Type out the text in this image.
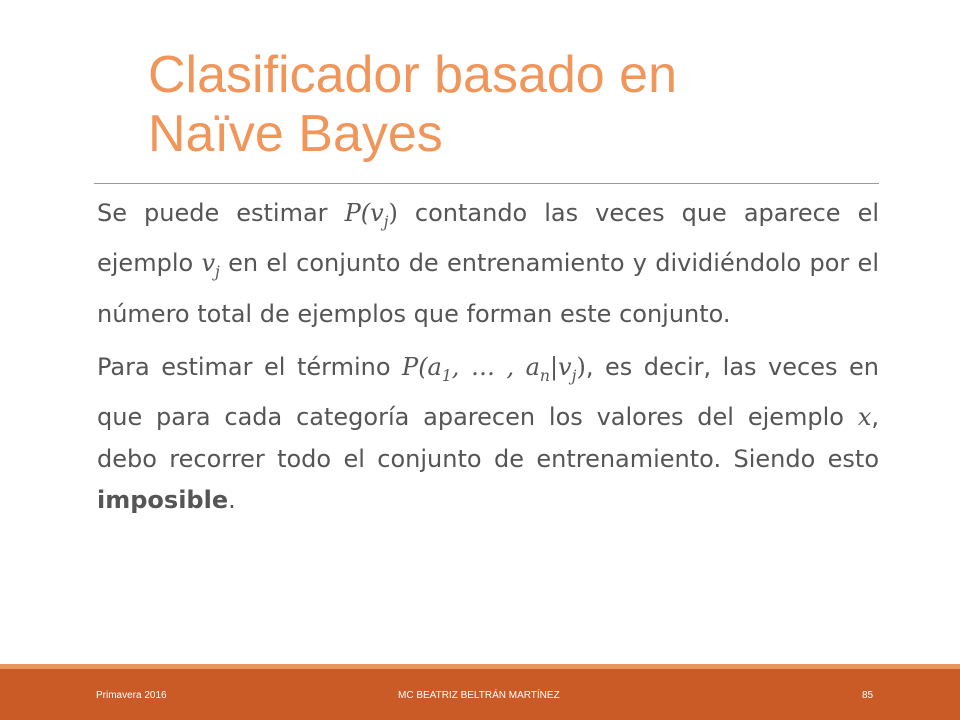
Clasificador basado en
Naïve Bayes

Se puede estimar $P(v_j)$ contando las veces que aparece el ejemplo $v_j$ en el conjunto de entrenamiento y dividiéndolo por el número total de ejemplos que forman este conjunto.

Para estimar el término $P(a_1$, … , $a_n|v_j$), es decir, las veces en que para cada categoría aparecen los valores del ejemplo x, debo recorrer todo el conjunto de entrenamiento. Siendo esto imposible.

Primavera 2016	MC BEATRIZ BELTRÁN MARTÍNEZ	85
